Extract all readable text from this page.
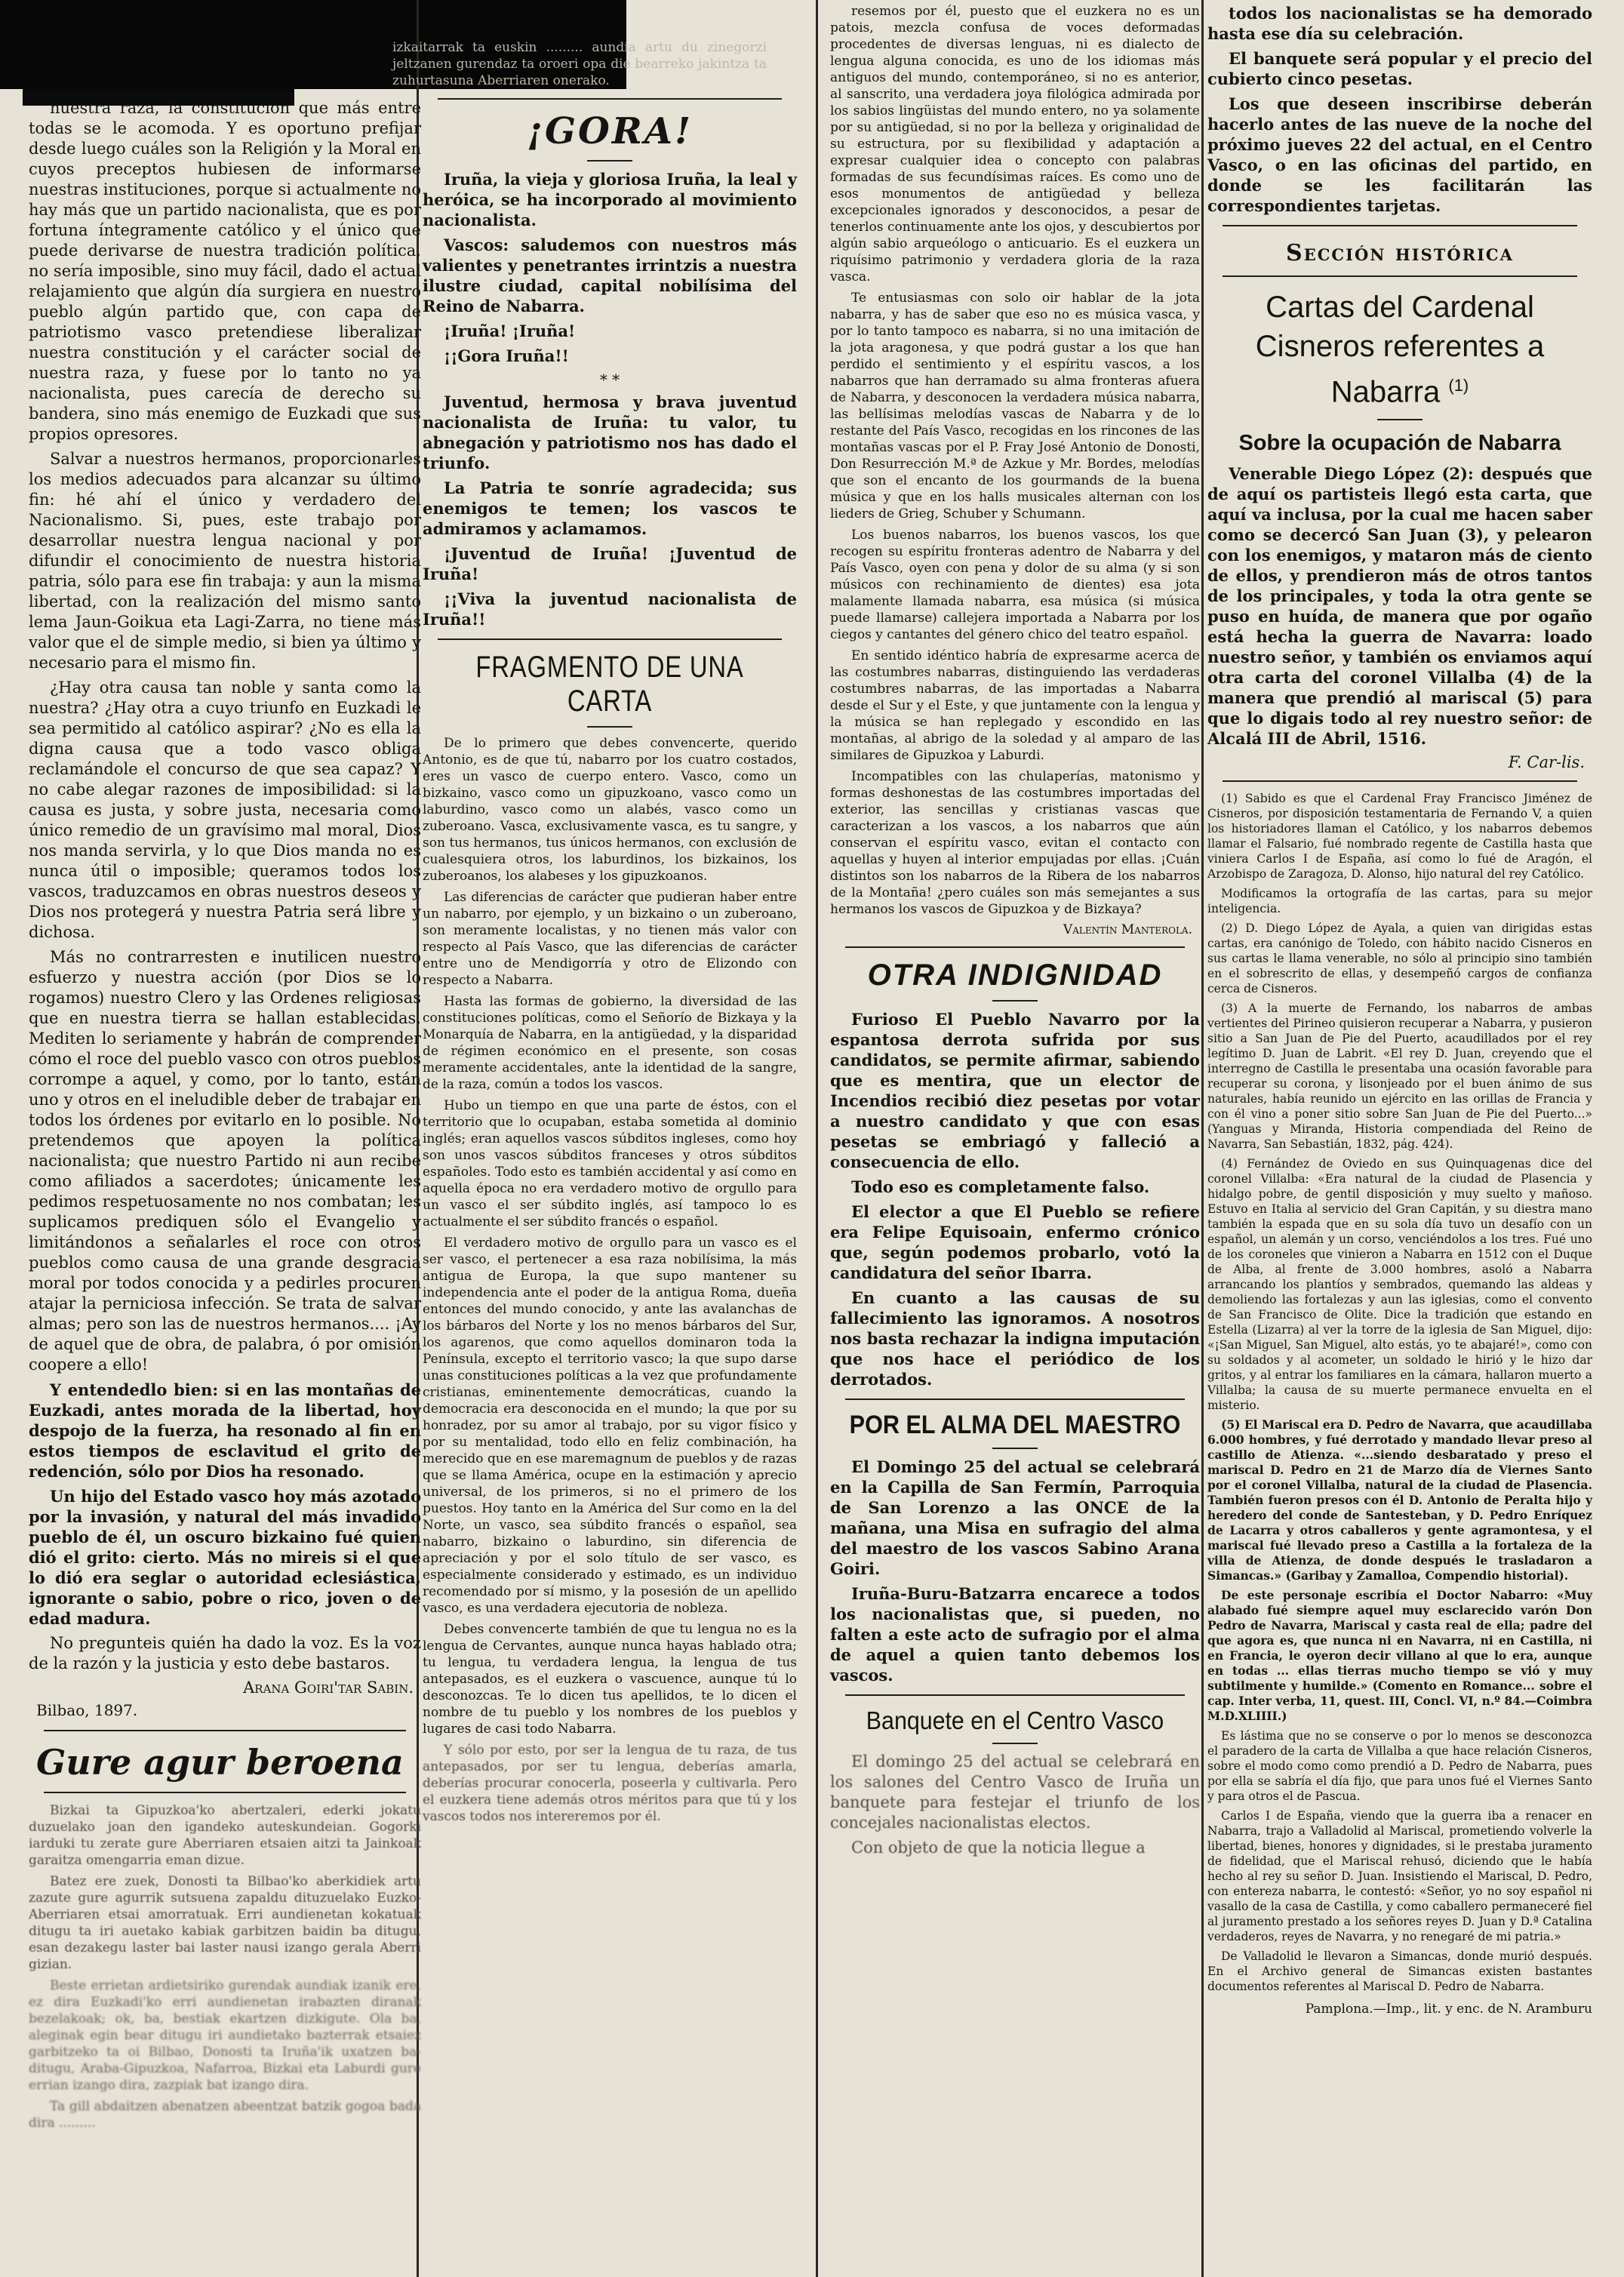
nuestra raza, la constitución que más entre todas se le acomoda. Y es oportuno prefijar desde luego cuáles son la Religión y la Moral en cuyos preceptos hubiesen de informarse nuestras instituciones, porque si actualmente no hay más que un partido nacionalista, que es por fortuna íntegramente católico y el único que puede derivarse de nuestra tradición política, no sería imposible, sino muy fácil, dado el actual relajamiento que algún día surgiera en nuestro pueblo algún partido que, con capa de patriotismo vasco pretendiese liberalizar nuestra constitución y el carácter social de nuestra raza, y fuese por lo tanto no ya nacionalista, pues carecía de derecho su bandera, sino más enemigo de Euzkadi que sus propios opresores.

Salvar a nuestros hermanos, proporcionarles los medios adecuados para alcanzar su último fin: hé ahí el único y verdadero del Nacionalismo. Si, pues, este trabajo por desarrollar nuestra lengua nacional y por difundir el conocimiento de nuestra historia patria, sólo para ese fin trabaja: y aun la misma libertad, con la realización del mismo santo lema Jaun-Goikua eta Lagi-Zarra, no tiene más valor que el de simple medio, si bien ya último y necesario para el mismo fin.

¿Hay otra causa tan noble y santa como la nuestra? ¿Hay otra a cuyo triunfo en Euzkadi le sea permitido al católico aspirar? ¿No es ella la digna causa que a todo vasco obliga reclamándole el concurso de que sea capaz? Y no cabe alegar razones de imposibilidad: si la causa es justa, y sobre justa, necesaria como único remedio de un gravísimo mal moral, Dios nos manda servirla, y lo que Dios manda no es nunca útil o imposible; queramos todos los vascos, traduzcamos en obras nuestros deseos y Dios nos protegerá y nuestra Patria será libre y dichosa.

Más no contrarresten e inutilicen nuestro esfuerzo y nuestra acción (por Dios se lo rogamos) nuestro Clero y las Ordenes religiosas que en nuestra tierra se hallan establecidas. Mediten lo seriamente y habrán de comprender cómo el roce del pueblo vasco con otros pueblos corrompe a aquel, y como, por lo tanto, están uno y otros en el ineludible deber de trabajar en todos los órdenes por evitarlo en lo posible. No pretendemos que apoyen la política nacionalista; que nuestro Partido ni aun recibe como afiliados a sacerdotes; únicamente les pedimos respetuosamente no nos combatan; les suplicamos prediquen sólo el Evangelio y limitándonos a señalarles el roce con otros pueblos como causa de una grande desgracia moral por todos conocida y a pedirles procuren atajar la perniciosa infección. Se trata de salvar almas; pero son las de nuestros hermanos.... ¡Ay de aquel que de obra, de palabra, ó por omisión coopere a ello!

Y entendedlo bien: si en las montañas de Euzkadi, antes morada de la libertad, hoy despojo de la fuerza, ha resonado al fin en estos tiempos de esclavitud el grito de redención, sólo por Dios ha resonado.

Un hijo del Estado vasco hoy más azotado por la invasión, y natural del más invadido pueblo de él, un oscuro bizkaino fué quien dió el grito: cierto. Más no mireis si el que lo dió era seglar o autoridad eclesiástica, ignorante o sabio, pobre o rico, joven o de edad madura.

No pregunteis quién ha dado la voz. Es la voz de la razón y la justicia y esto debe bastaros.

Arana Goiri'tar Sabin.
Bilbao, 1897.
Gure agur beroena

Bizkai ta Gipuzkoa'ko abertzaleri, ederki jokatu duzuelako joan den igandeko auteskundeian. Gogorki iarduki tu zerate gure Aberriaren etsaien aitzi ta Jainkoak garaitza omengarria eman dizue.

Batez ere zuek, Donosti ta Bilbao'ko aberkidiek artu zazute gure agurrik sutsuena zapaldu dituzuelako Euzko-Aberriaren etsai amorratuak. Erri aundienetan kokatuak ditugu ta iri auetako kabiak garbitzen baidin ba ditugu, esan dezakegu laster bai laster nausi izango gerala Aberri gizian.

Beste errietan ardietsiriko gurendak aundiak izanik ere, ez dira Euzkadi'ko erri aundienetan irabazten diranak bezelakoak; ok, ba, bestiak ekartzen dizkigute. Ola ba, aleginak egin bear ditugu iri aundietako bazterrak etsaiez garbitzeko ta oi Bilbao, Donosti ta Iruña'ik uxatzen ba-ditugu, Araba-Gipuzkoa, Nafarroa, Bizkai eta Laburdi gure errian izango dira, zazpiak bat izango dira.

Ta gill abdaitzen abenatzen abeentzat batzik gogoa bada dira .........

izkaitarrak ta euskin ......... aundia artu du zinegorzi jeltzanen gurendaz ta oroeri opa die bearreko jakintza ta zuhurtasuna Aberriaren onerako.

¡GORA!

Iruña, la vieja y gloriosa Iruña, la leal y heróica, se ha incorporado al movimiento nacionalista.

Vascos: saludemos con nuestros más valientes y penetrantes irrintzis a nuestra ilustre ciudad, capital nobilísima del Reino de Nabarra.

¡Iruña! ¡Iruña!

¡¡Gora Iruña!!

* *

Juventud, hermosa y brava juventud nacionalista de Iruña: tu valor, tu abnegación y patriotismo nos has dado el triunfo.

La Patria te sonríe agradecida; sus enemigos te temen; los vascos te admiramos y aclamamos.

¡Juventud de Iruña! ¡Juventud de Iruña!

¡¡Viva la juventud nacionalista de Iruña!!

FRAGMENTO DE UNA CARTA

De lo primero que debes convencerte, querido Antonio, es de que tú, nabarro por los cuatro costados, eres un vasco de cuerpo entero. Vasco, como un bizkaino, vasco como un gipuzkoano, vasco como un laburdino, vasco como un alabés, vasco como un zuberoano. Vasca, exclusivamente vasca, es tu sangre, y son tus hermanos, tus únicos hermanos, con exclusión de cualesquiera otros, los laburdinos, los bizkainos, los zuberoanos, los alabeses y los gipuzkoanos.

Las diferencias de carácter que pudieran haber entre un nabarro, por ejemplo, y un bizkaino o un zuberoano, son meramente localistas, y no tienen más valor con respecto al País Vasco, que las diferencias de carácter entre uno de Mendigorría y otro de Elizondo con respecto a Nabarra.

Hasta las formas de gobierno, la diversidad de las constituciones políticas, como el Señorío de Bizkaya y la Monarquía de Nabarra, en la antigüedad, y la disparidad de régimen económico en el presente, son cosas meramente accidentales, ante la identidad de la sangre, de la raza, común a todos los vascos.

Hubo un tiempo en que una parte de éstos, con el territorio que lo ocupaban, estaba sometida al dominio inglés; eran aquellos vascos súbditos ingleses, como hoy son unos vascos súbditos franceses y otros súbditos españoles. Todo esto es también accidental y así como en aquella época no era verdadero motivo de orgullo para un vasco el ser súbdito inglés, así tampoco lo es actualmente el ser súbdito francés o español.

El verdadero motivo de orgullo para un vasco es el ser vasco, el pertenecer a esa raza nobilísima, la más antigua de Europa, la que supo mantener su independencia ante el poder de la antigua Roma, dueña entonces del mundo conocido, y ante las avalanchas de los bárbaros del Norte y los no menos bárbaros del Sur, los agarenos, que como aquellos dominaron toda la Península, excepto el territorio vasco; la que supo darse unas constituciones políticas a la vez que profundamente cristianas, eminentemente democráticas, cuando la democracia era desconocida en el mundo; la que por su honradez, por su amor al trabajo, por su vigor físico y por su mentalidad, todo ello en feliz combinación, ha merecido que en ese maremagnum de pueblos y de razas que se llama América, ocupe en la estimación y aprecio universal, de los primeros, si no el primero de los puestos. Hoy tanto en la América del Sur como en la del Norte, un vasco, sea súbdito francés o español, sea nabarro, bizkaino o laburdino, sin diferencia de apreciación y por el solo título de ser vasco, es especialmente considerado y estimado, es un individuo recomendado por sí mismo, y la posesión de un apellido vasco, es una verdadera ejecutoria de nobleza.

Debes convencerte también de que tu lengua no es la lengua de Cervantes, aunque nunca hayas hablado otra; tu lengua, tu verdadera lengua, la lengua de tus antepasados, es el euzkera o vascuence, aunque tú lo desconozcas. Te lo dicen tus apellidos, te lo dicen el nombre de tu pueblo y los nombres de los pueblos y lugares de casi todo Nabarra.

Y sólo por esto, por ser la lengua de tu raza, de tus antepasados, por ser tu lengua, deberías amarla, deberías procurar conocerla, poseerla y cultivarla. Pero el euzkera tiene además otros méritos para que tú y los vascos todos nos intereremos por él.

resemos por él, puesto que el euzkera no es un patois, mezcla confusa de voces deformadas procedentes de diversas lenguas, ni es dialecto de lengua alguna conocida, es uno de los idiomas más antiguos del mundo, contemporáneo, si no es anterior, al sanscrito, una verdadera joya filológica admirada por los sabios lingüistas del mundo entero, no ya solamente por su antigüedad, si no por la belleza y originalidad de su estructura, por su flexibilidad y adaptación a expresar cualquier idea o concepto con palabras formadas de sus fecundísimas raíces. Es como uno de esos monumentos de antigüedad y belleza excepcionales ignorados y desconocidos, a pesar de tenerlos continuamente ante los ojos, y descubiertos por algún sabio arqueólogo o anticuario. Es el euzkera un riquísimo patrimonio y verdadera gloria de la raza vasca.

Te entusiasmas con solo oir hablar de la jota nabarra, y has de saber que eso no es música vasca, y por lo tanto tampoco es nabarra, si no una imitación de la jota aragonesa, y que podrá gustar a los que han perdido el sentimiento y el espíritu vascos, a los nabarros que han derramado su alma fronteras afuera de Nabarra, y desconocen la verdadera música nabarra, las bellísimas melodías vascas de Nabarra y de lo restante del País Vasco, recogidas en los rincones de las montañas vascas por el P. Fray José Antonio de Donosti, Don Resurrección M.ª de Azkue y Mr. Bordes, melodías que son el encanto de los gourmands de la buena música y que en los halls musicales alternan con los lieders de Grieg, Schuber y Schumann.

Los buenos nabarros, los buenos vascos, los que recogen su espíritu fronteras adentro de Nabarra y del País Vasco, oyen con pena y dolor de su alma (y si son músicos con rechinamiento de dientes) esa jota malamente llamada nabarra, esa música (si música puede llamarse) callejera importada a Nabarra por los ciegos y cantantes del género chico del teatro español.

En sentido idéntico habría de expresarme acerca de las costumbres nabarras, distinguiendo las verdaderas costumbres nabarras, de las importadas a Nabarra desde el Sur y el Este, y que juntamente con la lengua y la música se han replegado y escondido en las montañas, al abrigo de la soledad y al amparo de las similares de Gipuzkoa y Laburdi.

Incompatibles con las chulaperías, matonismo y formas deshonestas de las costumbres importadas del exterior, las sencillas y cristianas vascas que caracterizan a los vascos, a los nabarros que aún conservan el espíritu vasco, evitan el contacto con aquellas y huyen al interior empujadas por ellas. ¡Cuán distintos son los nabarros de la Ribera de los nabarros de la Montaña! ¿pero cuáles son más semejantes a sus hermanos los vascos de Gipuzkoa y de Bizkaya?

Valentín Manterola.
OTRA INDIGNIDAD

Furioso El Pueblo Navarro por la espantosa derrota sufrida por sus candidatos, se permite afirmar, sabiendo que es mentira, que un elector de Incendios recibió diez pesetas por votar a nuestro candidato y que con esas pesetas se embriagó y falleció a consecuencia de ello.

Todo eso es completamente falso.

El elector a que El Pueblo se refiere era Felipe Equisoain, enfermo crónico que, según podemos probarlo, votó la candidatura del señor Ibarra.

En cuanto a las causas de su fallecimiento las ignoramos. A nosotros nos basta rechazar la indigna imputación que nos hace el periódico de los derrotados.

POR EL ALMA DEL MAESTRO

El Domingo 25 del actual se celebrará en la Capilla de San Fermín, Parroquia de San Lorenzo a las ONCE de la mañana, una Misa en sufragio del alma del maestro de los vascos Sabino Arana Goiri.

Iruña-Buru-Batzarra encarece a todos los nacionalistas que, si pueden, no falten a este acto de sufragio por el alma de aquel a quien tanto debemos los vascos.

Banquete en el Centro Vasco

El domingo 25 del actual se celebrará en los salones del Centro Vasco de Iruña un banquete para festejar el triunfo de los concejales nacionalistas electos.

Con objeto de que la noticia llegue a

todos los nacionalistas se ha demorado hasta ese día su celebración.

El banquete será popular y el precio del cubierto cinco pesetas.

Los que deseen inscribirse deberán hacerlo antes de las nueve de la noche del próximo jueves 22 del actual, en el Centro Vasco, o en las oficinas del partido, en donde se les facilitarán las correspondientes tarjetas.

Sección histórica
Cartas del Cardenal Cisneros referentes a Nabarra $^{(1)}$
Sobre la ocupación de Nabarra

Venerable Diego López (2): después que de aquí os partisteis llegó esta carta, que aquí va inclusa, por la cual me hacen saber como se decercó San Juan (3), y pelearon con los enemigos, y mataron más de ciento de ellos, y prendieron más de otros tantos de los principales, y toda la otra gente se puso en huída, de manera que por ogaño está hecha la guerra de Navarra: loado nuestro señor, y también os enviamos aquí otra carta del coronel Villalba (4) de la manera que prendió al mariscal (5) para que lo digais todo al rey nuestro señor: de Alcalá III de Abril, 1516.

F. Car-lis.

(1) Sabido es que el Cardenal Fray Francisco Jiménez de Cisneros, por disposición testamentaria de Fernando V, a quien los historiadores llaman el Católico, y los nabarros debemos llamar el Falsario, fué nombrado regente de Castilla hasta que viniera Carlos I de España, así como lo fué de Aragón, el Arzobispo de Zaragoza, D. Alonso, hijo natural del rey Católico.

Modificamos la ortografía de las cartas, para su mejor inteligencia.

(2) D. Diego López de Ayala, a quien van dirigidas estas cartas, era canónigo de Toledo, con hábito nacido Cisneros en sus cartas le llama venerable, no sólo al principio sino también en el sobrescrito de ellas, y desempeñó cargos de confianza cerca de Cisneros.

(3) A la muerte de Fernando, los nabarros de ambas vertientes del Pirineo quisieron recuperar a Nabarra, y pusieron sitio a San Juan de Pie del Puerto, acaudillados por el rey legítimo D. Juan de Labrit. «El rey D. Juan, creyendo que el interregno de Castilla le presentaba una ocasión favorable para recuperar su corona, y lisonjeado por el buen ánimo de sus naturales, había reunido un ejército en las orillas de Francia y con él vino a poner sitio sobre San Juan de Pie del Puerto...» (Yanguas y Miranda, Historia compendiada del Reino de Navarra, San Sebastián, 1832, pág. 424).

(4) Fernández de Oviedo en sus Quinquagenas dice del coronel Villalba: «Era natural de la ciudad de Plasencia y hidalgo pobre, de gentil disposición y muy suelto y mañoso. Estuvo en Italia al servicio del Gran Capitán, y su diestra mano también la espada que en su sola día tuvo un desafío con un español, un alemán y un corso, venciéndolos a los tres. Fué uno de los coroneles que vinieron a Nabarra en 1512 con el Duque de Alba, al frente de 3.000 hombres, asoló a Nabarra arrancando los plantíos y sembrados, quemando las aldeas y demoliendo las fortalezas y aun las iglesias, como el convento de San Francisco de Olite. Dice la tradición que estando en Estella (Lizarra) al ver la torre de la iglesia de San Miguel, dijo: «¡San Miguel, San Miguel, alto estás, yo te abajaré!», como con su soldados y al acometer, un soldado le hirió y le hizo dar gritos, y al entrar los familiares en la cámara, hallaron muerto a Villalba; la causa de su muerte permanece envuelta en el misterio.

(5) El Mariscal era D. Pedro de Navarra, que acaudillaba 6.000 hombres, y fué derrotado y mandado llevar preso al castillo de Atienza. «...siendo desbaratado y preso el mariscal D. Pedro en 21 de Marzo día de Viernes Santo por el coronel Villalba, natural de la ciudad de Plasencia. También fueron presos con él D. Antonio de Peralta hijo y heredero del conde de Santesteban, y D. Pedro Enríquez de Lacarra y otros caballeros y gente agramontesa, y el mariscal fué llevado preso a Castilla a la fortaleza de la villa de Atienza, de donde después le trasladaron a Simancas.» (Garibay y Zamalloa, Compendio historial).

De este personaje escribía el Doctor Nabarro: «Muy alabado fué siempre aquel muy esclarecido varón Don Pedro de Navarra, Mariscal y casta real de ella; padre del que agora es, que nunca ni en Navarra, ni en Castilla, ni en Francia, le oyeron decir villano al que lo era, aunque en todas ... ellas tierras mucho tiempo se vió y muy subtilmente y humilde.» (Comento en Romance... sobre el cap. Inter verba, 11, quest. III, Concl. VI, n.º 84.—Coimbra M.D.XLIIII.)

Es lástima que no se conserve o por lo menos se desconozca el paradero de la carta de Villalba a que hace relación Cisneros, sobre el modo como como prendió a D. Pedro de Nabarra, pues por ella se sabría el día fijo, que para unos fué el Viernes Santo y para otros el de Pascua.

Carlos I de España, viendo que la guerra iba a renacer en Nabarra, trajo a Valladolid al Mariscal, prometiendo volverle la libertad, bienes, honores y dignidades, si le prestaba juramento de fidelidad, que el Mariscal rehusó, diciendo que le había hecho al rey su señor D. Juan. Insistiendo el Mariscal, D. Pedro, con entereza nabarra, le contestó: «Señor, yo no soy español ni vasallo de la casa de Castilla, y como caballero permaneceré fiel al juramento prestado a los señores reyes D. Juan y D.ª Catalina verdaderos, reyes de Navarra, y no renegaré de mi patria.»

De Valladolid le llevaron a Simancas, donde murió después. En el Archivo general de Simancas existen bastantes documentos referentes al Mariscal D. Pedro de Nabarra.

Pamplona.—Imp., lit. y enc. de N. Aramburu
